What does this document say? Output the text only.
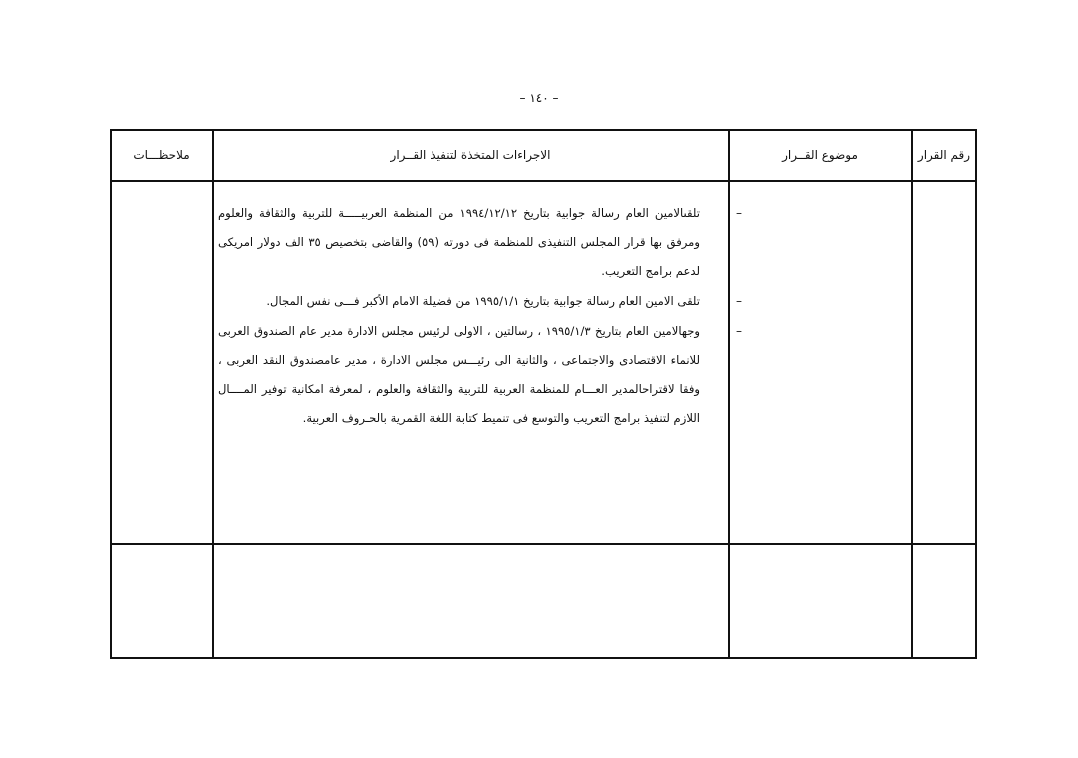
– ١٤٠ –
رقم القرار
موضوع القــرار
الاجراءات المتخذة لتنفيذ القــرار
ملاحظـــات
–
تلقىالامين العام رسالة جوابية بتاريخ ١٩٩٤/١٢/١٢ من المنظمة العربيـــــة للتربية والثقافة والعلوم ومرفق بها قرار المجلس التنفيذى للمنظمة فى دورته (٥٩) والقاضى بتخصيص ٣٥ الف دولار امريكى لدعم برامج التعريب.
–
تلقى الامين العام رسالة جوابية بتاريخ ١٩٩٥/١/١ من فضيلة الامام الأكبر فـــى نفس المجال.
–
وجهالامين العام بتاريخ ١٩٩٥/١/٣ ، رسالتين ، الاولى لرئيس مجلس الادارة مدير عام الصندوق العربى للانماء الاقتصادى والاجتماعى ، والثانية الى رئيـــس مجلس الادارة ، مدير عامصندوق النقد العربى ، وفقا لاقتراحالمدير العـــام للمنظمة العربية للتربية والثقافة والعلوم ، لمعرفة امكانية توفير المــــال اللازم لتنفيذ برامج التعريب والتوسع فى تنميط كتابة اللغة القمرية بالحـروف العربية.
